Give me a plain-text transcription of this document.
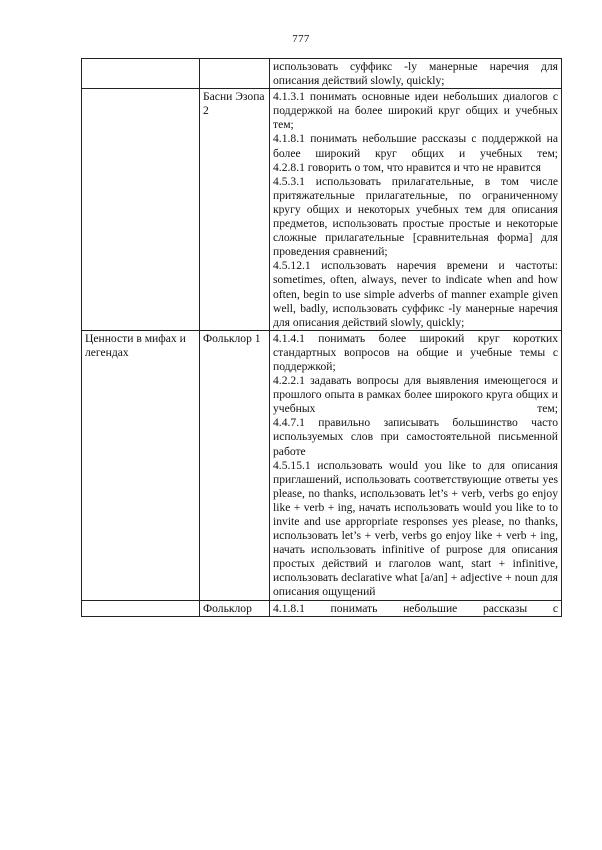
777

		использовать суффикс -ly манерные наречия для описания действий slowly, quickly;

	Басни Эзопа 2	4.1.3.1 понимать основные идеи небольших диалогов с поддержкой на более широкий круг общих и учебных тем;
4.1.8.1 понимать небольшие рассказы с поддержкой на более широкий круг общих и учебных тем;
4.2.8.1 говорить о том, что нравится и что не нравится
4.5.3.1 использовать прилагательные, в том числе притяжательные прилагательные, по ограниченному кругу общих и некоторых учебных тем для описания предметов, использовать простые простые и некоторые сложные прилагательные [сравнительная форма] для проведения сравнений;
4.5.12.1 использовать наречия времени и частоты: sometimes, often, always, never to indicate when and how often, begin to use simple adverbs of manner example given well, badly, использовать суффикс -ly манерные наречия для описания действий slowly, quickly;

Ценности в мифах и легендах	Фольклор 1	4.1.4.1 понимать более широкий круг коротких стандартных вопросов на общие и учебные темы с поддержкой;
4.2.2.1 задавать вопросы для выявления имеющегося и прошлого опыта в рамках более широкого круга общих и учебных тем;
4.4.7.1 правильно записывать большинство часто используемых слов при самостоятельной письменной работе
4.5.15.1 использовать would you like to для описания приглашений, использовать соответствующие ответы yes please, no thanks, использовать let’s + verb, verbs go enjoy like + verb + ing, начать использовать would you like to to invite and use appropriate responses yes please, no thanks, использовать let’s + verb, verbs go enjoy like + verb + ing, начать использовать infinitive of purpose для описания простых действий и глаголов want, start + infinitive, использовать declarative what [a/an] + adjective + noun для описания ощущений

	Фольклор	4.1.8.1 понимать небольшие рассказы с
